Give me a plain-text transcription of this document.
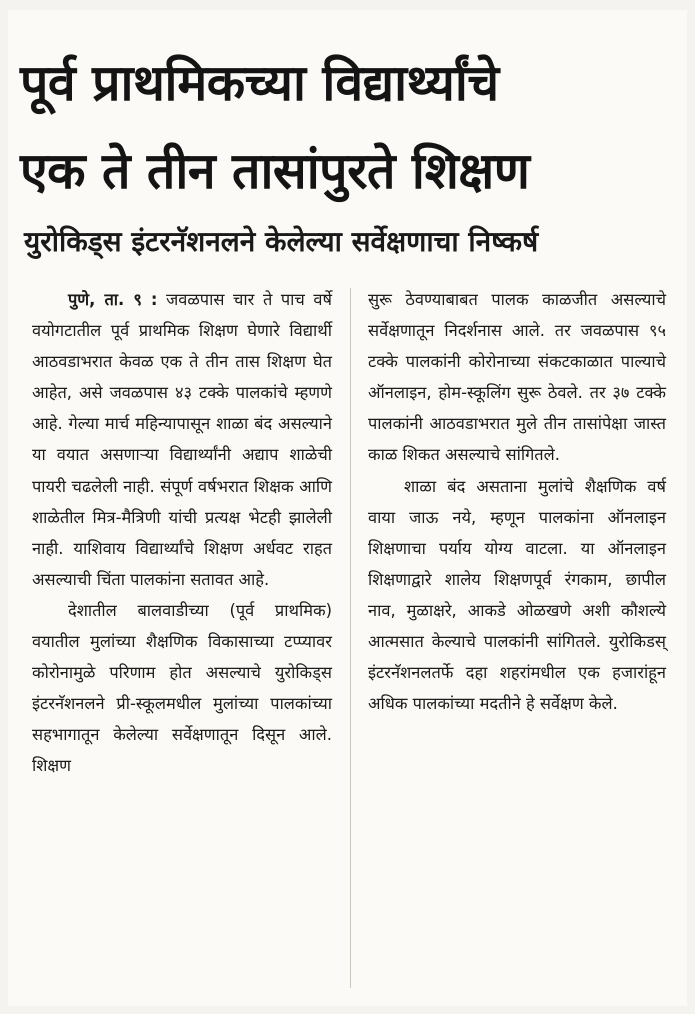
पूर्व प्राथमिकच्या विद्यार्थ्यांचे
एक ते तीन तासांपुरते शिक्षण
युरोकिड्स इंटरनॅशनलने केलेल्या सर्वेक्षणाचा निष्कर्ष

पुणे, ता. ९ : जवळपास चार ते पाच वर्षे वयोगटातील पूर्व प्राथमिक शिक्षण घेणारे विद्यार्थी आठवडाभरात केवळ एक ते तीन तास शिक्षण घेत आहेत, असे जवळपास ४३ टक्के पालकांचे म्हणणे आहे. गेल्या मार्च महिन्यापासून शाळा बंद असल्याने या वयात असणाऱ्या विद्यार्थ्यांनी अद्याप शाळेची पायरी चढलेली नाही. संपूर्ण वर्षभरात शिक्षक आणि शाळेतील मित्र-मैत्रिणी यांची प्रत्यक्ष भेटही झालेली नाही. याशिवाय विद्यार्थ्यांचे शिक्षण अर्धवट राहत असल्याची चिंता पालकांना सतावत आहे.

देशातील बालवाडीच्या (पूर्व प्राथमिक) वयातील मुलांच्या शैक्षणिक विकासाच्या टप्प्यावर कोरोनामुळे परिणाम होत असल्याचे युरोकिड्स इंटरनॅशनलने प्री-स्कूलमधील मुलांच्या पालकांच्या सहभागातून केलेल्या सर्वेक्षणातून दिसून आले. शिक्षण

सुरू ठेवण्याबाबत पालक काळजीत असल्याचे सर्वेक्षणातून निदर्शनास आले. तर जवळपास ९५ टक्के पालकांनी कोरोनाच्या संकटकाळात पाल्याचे ऑनलाइन, होम-स्कूलिंग सुरू ठेवले. तर ३७ टक्के पालकांनी आठवडाभरात मुले तीन तासांपेक्षा जास्त काळ शिकत असल्याचे सांगितले.

शाळा बंद असताना मुलांचे शैक्षणिक वर्ष वाया जाऊ नये, म्हणून पालकांना ऑनलाइन शिक्षणाचा पर्याय योग्य वाटला. या ऑनलाइन शिक्षणाद्वारे शालेय शिक्षणपूर्व रंगकाम, छापील नाव, मुळाक्षरे, आकडे ओळखणे अशी कौशल्ये आत्मसात केल्याचे पालकांनी सांगितले. युरोकिडस् इंटरनॅशनलतर्फे दहा शहरांमधील एक हजारांहून अधिक पालकांच्या मदतीने हे सर्वेक्षण केले.
